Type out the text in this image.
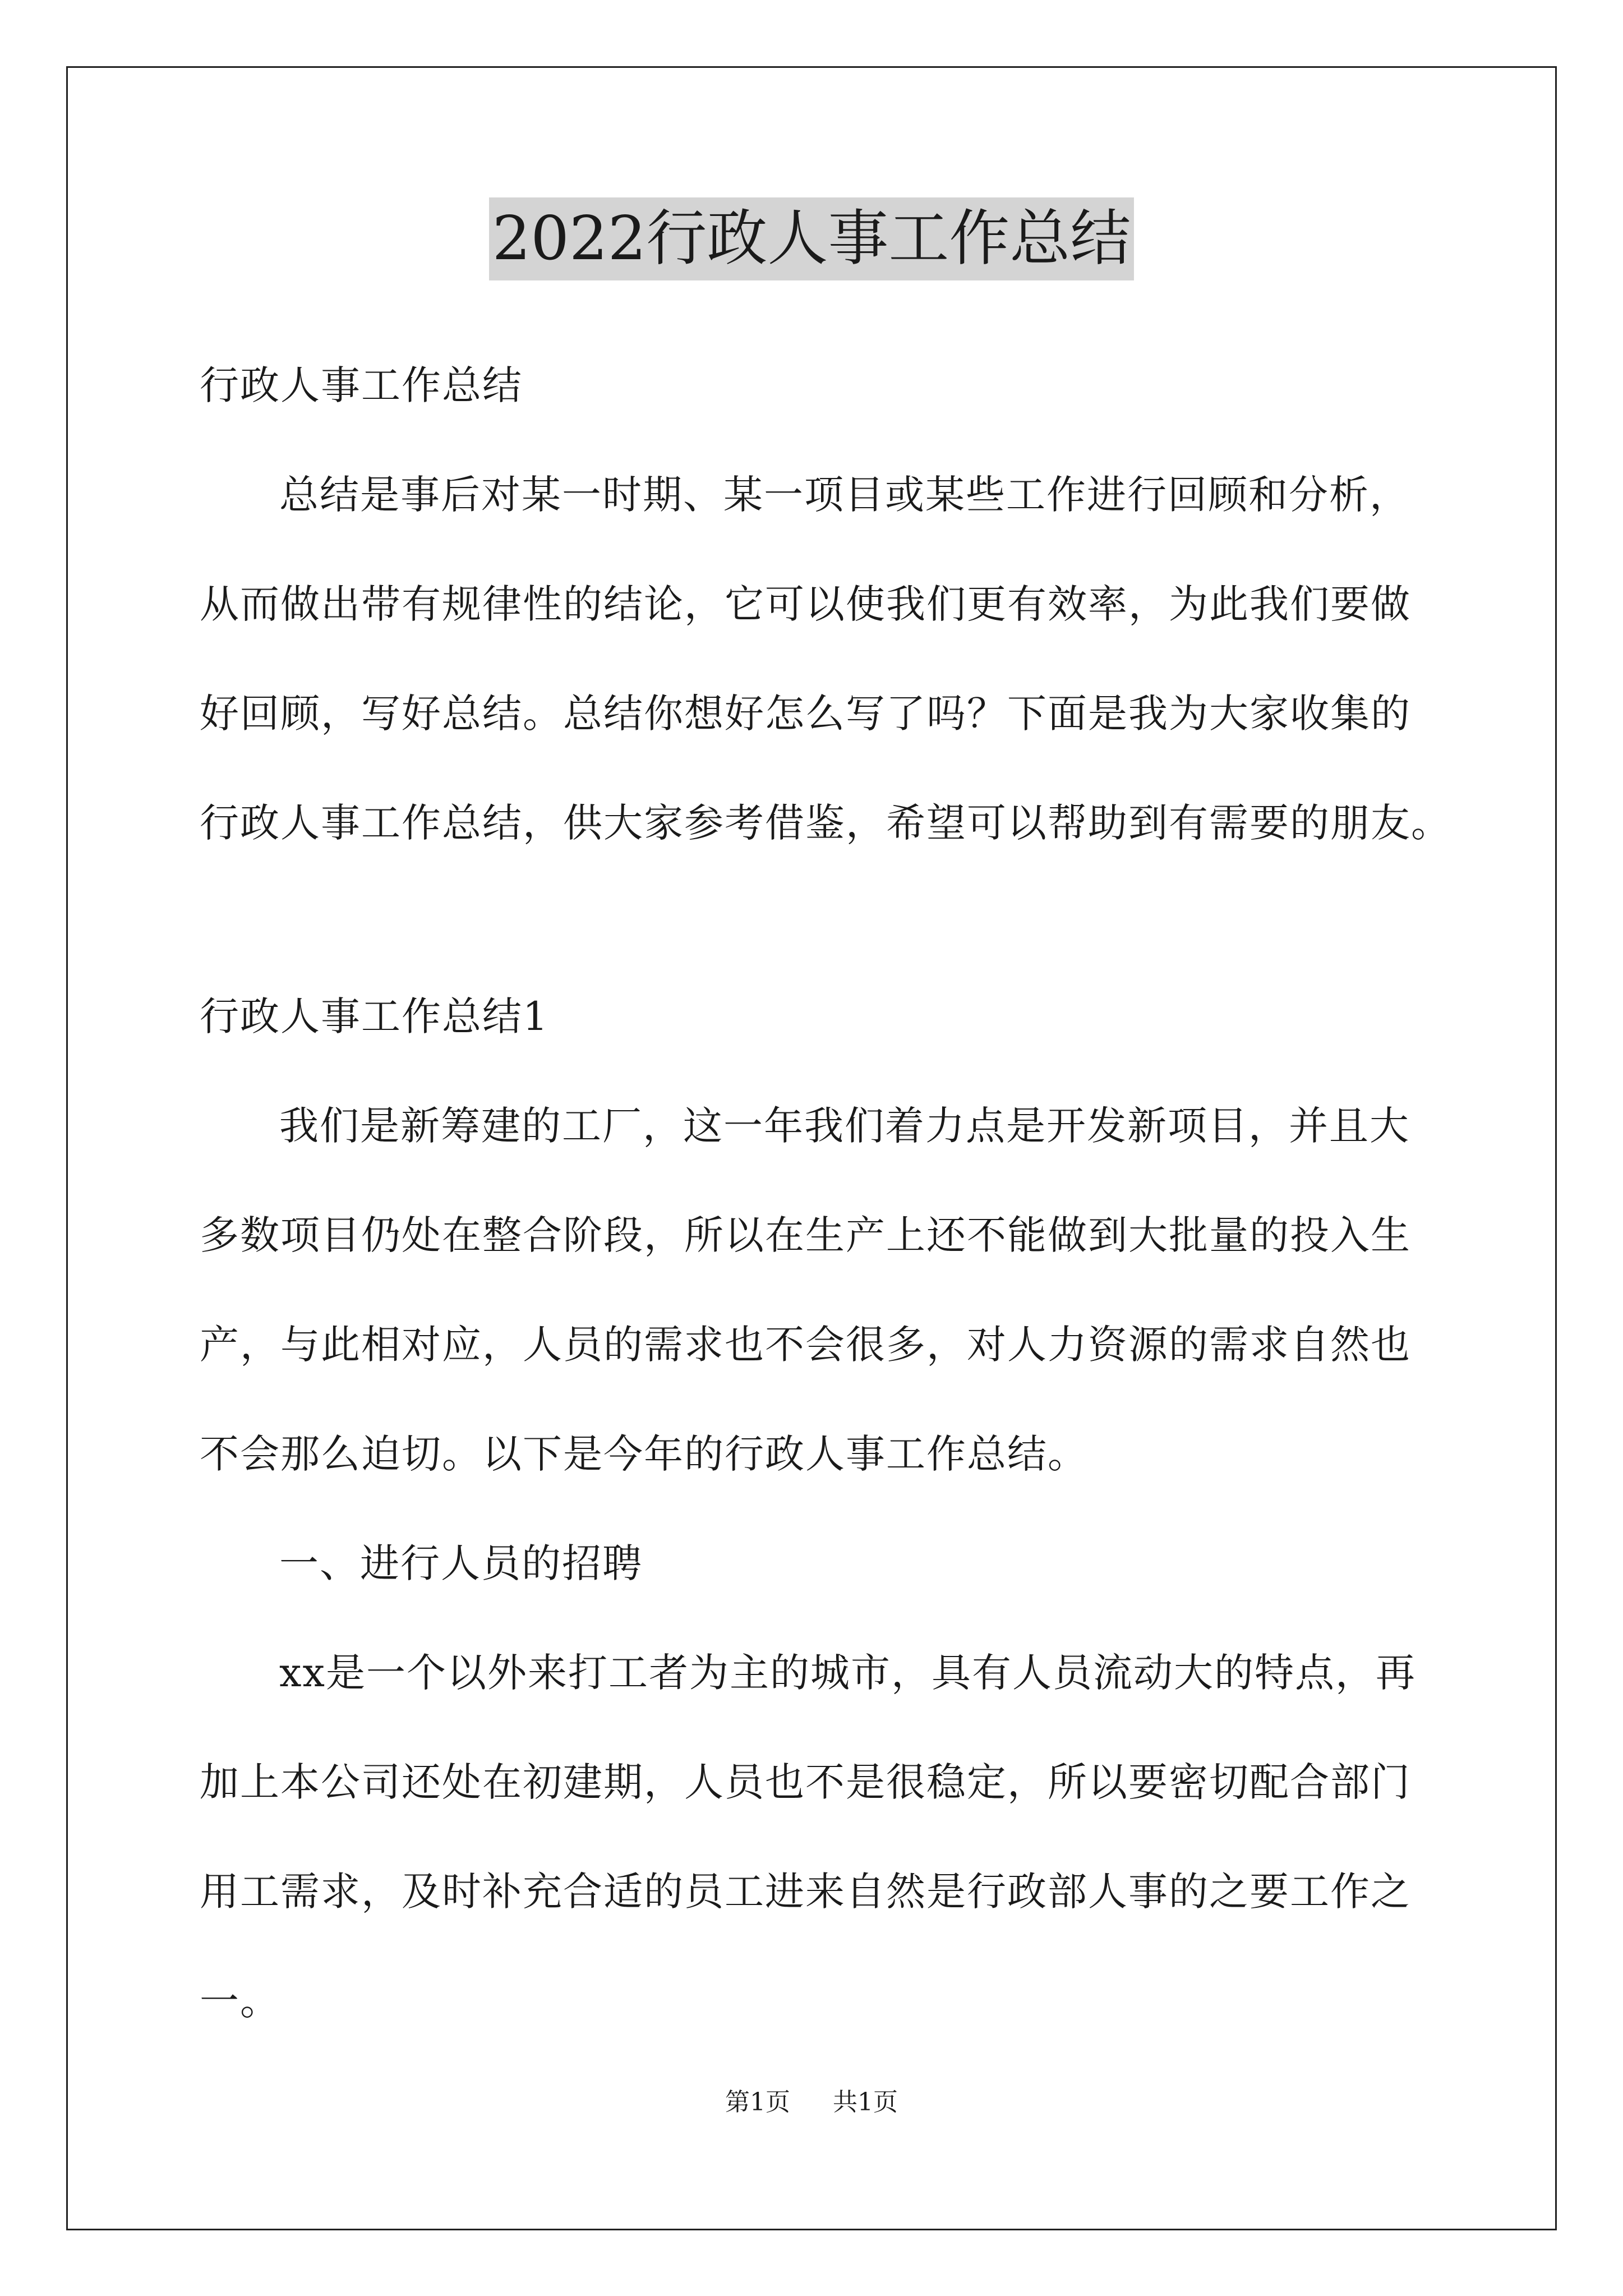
2022行政人事工作总结
行政人事工作总结
总结是事后对某一时期、某一项目或某些工作进行回顾和分析，
从而做出带有规律性的结论，它可以使我们更有效率，为此我们要做
好回顾，写好总结。总结你想好怎么写了吗？下面是我为大家收集的
行政人事工作总结，供大家参考借鉴，希望可以帮助到有需要的朋友。
行政人事工作总结1
我们是新筹建的工厂，这一年我们着力点是开发新项目，并且大
多数项目仍处在整合阶段，所以在生产上还不能做到大批量的投入生
产，与此相对应，人员的需求也不会很多，对人力资源的需求自然也
不会那么迫切。以下是今年的行政人事工作总结。
一、进行人员的招聘
xx是一个以外来打工者为主的城市，具有人员流动大的特点，再
加上本公司还处在初建期，人员也不是很稳定，所以要密切配合部门
用工需求，及时补充合适的员工进来自然是行政部人事的之要工作之
一。
第1页 共1页
